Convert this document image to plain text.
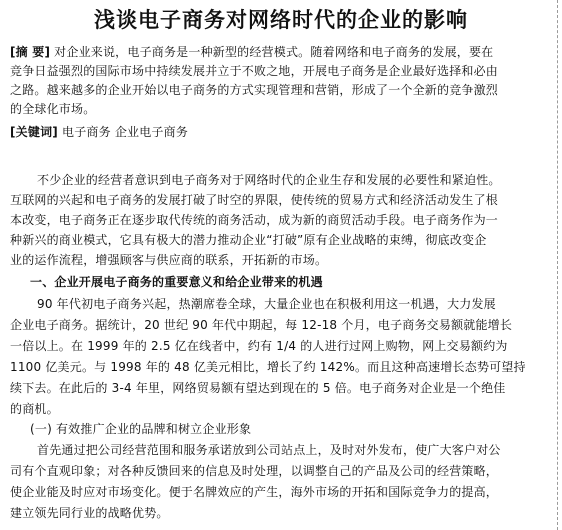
浅谈电子商务对网络时代的企业的影响
[摘 要] 对企业来说，电子商务是一种新型的经营模式。随着网络和电子商务的发展，要在
竞争日益强烈的国际市场中持续发展并立于不败之地，开展电子商务是企业最好选择和必由
之路。越来越多的企业开始以电子商务的方式实现管理和营销，形成了一个全新的竞争激烈
的全球化市场。
[关键词] 电子商务 企业电子商务
不少企业的经营者意识到电子商务对于网络时代的企业生存和发展的必要性和紧迫性。
互联网的兴起和电子商务的发展打破了时空的界限，使传统的贸易方式和经济活动发生了根
本改变，电子商务正在逐步取代传统的商务活动，成为新的商贸活动手段。电子商务作为一
种新兴的商业模式，它具有极大的潜力推动企业“打破”原有企业战略的束缚，彻底改变企
业的运作流程，增强顾客与供应商的联系，开拓新的市场。
一、企业开展电子商务的重要意义和给企业带来的机遇
90 年代初电子商务兴起，热潮席卷全球，大量企业也在积极利用这一机遇，大力发展
企业电子商务。据统计，20 世纪 90 年代中期起，每 12-18 个月，电子商务交易额就能增长
一倍以上。在 1999 年的 2.5 亿在线者中，约有 1/4 的人进行过网上购物，网上交易额约为
1100 亿美元。与 1998 年的 48 亿美元相比，增长了约 142%。而且这种高速增长态势可望持
续下去。在此后的 3-4 年里，网络贸易额有望达到现在的 5 倍。电子商务对企业是一个绝佳
的商机。
(一) 有效推广企业的品牌和树立企业形象
首先通过把公司经营范围和服务承诺放到公司站点上，及时对外发布，使广大客户对公
司有个直观印象；对各种反馈回来的信息及时处理，以调整自己的产品及公司的经营策略，
使企业能及时应对市场变化。便于名牌效应的产生，海外市场的开拓和国际竞争力的提高，
建立领先同行业的战略优势。
